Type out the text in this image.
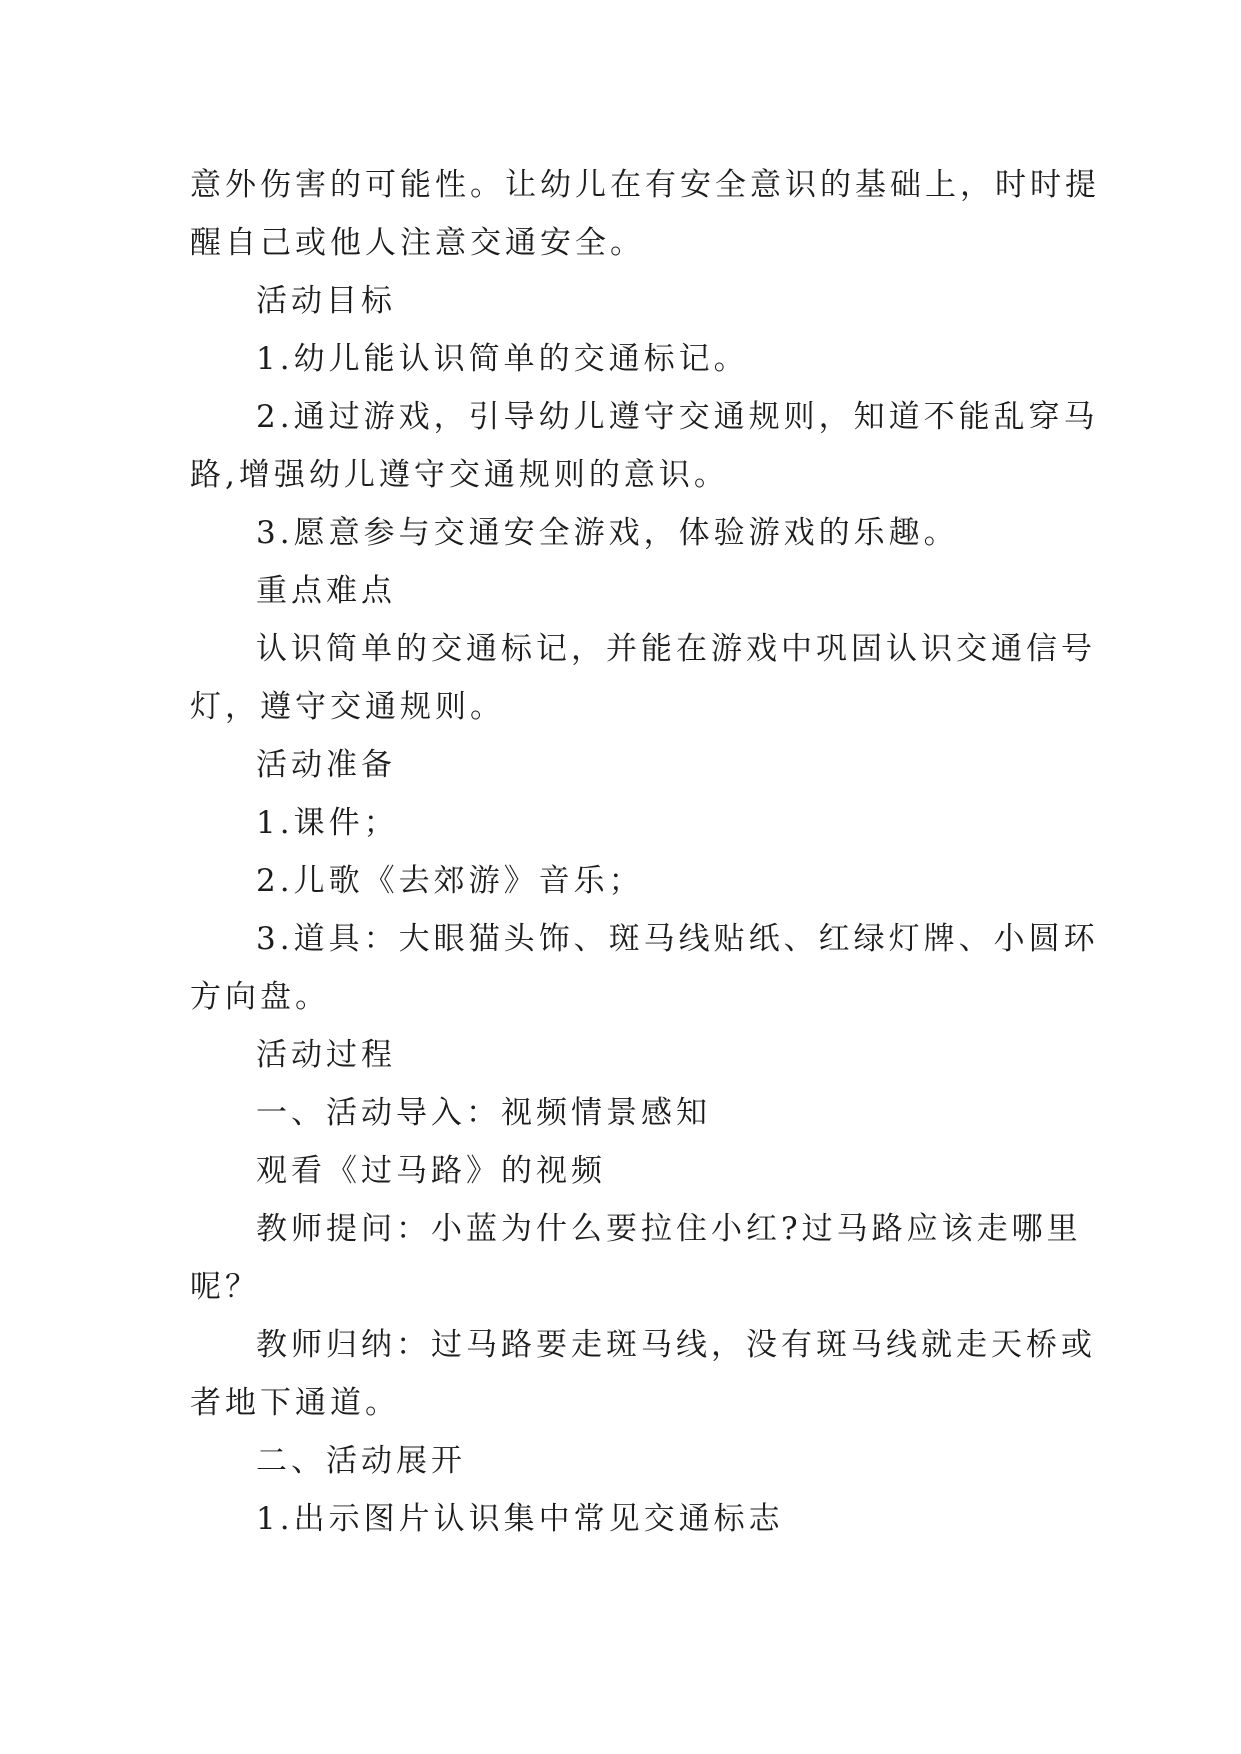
意外伤害的可能性。让幼儿在有安全意识的基础上，时时提
醒自己或他人注意交通安全。
活动目标
1.幼儿能认识简单的交通标记。
2.通过游戏，引导幼儿遵守交通规则，知道不能乱穿马
路,增强幼儿遵守交通规则的意识。
3.愿意参与交通安全游戏，体验游戏的乐趣。
重点难点
认识简单的交通标记，并能在游戏中巩固认识交通信号
灯，遵守交通规则。
活动准备
1.课件；
2.儿歌《去郊游》音乐；
3.道具：大眼猫头饰、斑马线贴纸、红绿灯牌、小圆环
方向盘。
活动过程
一、活动导入：视频情景感知
观看《过马路》的视频
教师提问：小蓝为什么要拉住小红?过马路应该走哪里
呢？
教师归纳：过马路要走斑马线，没有斑马线就走天桥或
者地下通道。
二、活动展开
1.出示图片认识集中常见交通标志
